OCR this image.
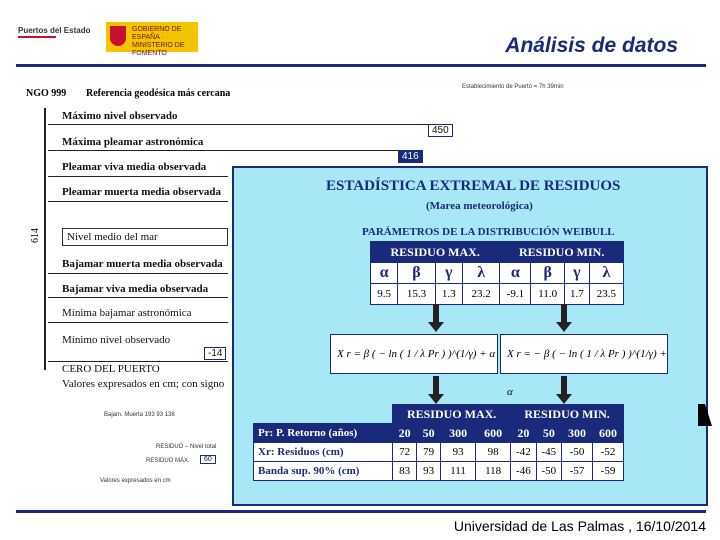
Puertos del Estado	GOBIERNO DE ESPAÑA · MINISTERIO DE FOMENTO	Análisis de datos
NGO 999 Referencia geodésica más cercana
614
Establecimiento de Puerto = 7h 39min
Máximo nivel observado
450
Máxima pleamar astronómica
416
Pleamar viva media observada
Pleamar muerta media observada
Nivel medio del mar
Bajamar muerta media observada
Bajamar viva media observada
Mínima bajamar astronómica
Mínimo nivel observado
-14
CERO DEL PUERTO
Valores expresados en cm; con signo
Bajam. Muerta 193 93 138
RESIDUO – Nivel total
RESIDUO MÁX.	60
Valores expresados en cm
ESTADÍSTICA EXTREMAL DE RESIDUOS
(Marea meteorológica)
PARÁMETROS DE LA DISTRIBUCIÓN WEIBULL
RESIDUO MAX.				RESIDUO MIN.			
α	β	γ	λ	α	β	γ	λ
9.5	15.3	1.3	23.2	-9.1	11.0	1.7	23.5
X r = β ( − ln ( 1 / λ Pr ) )^(1/γ) + α	X r = − β ( − ln ( 1 / λ Pr ) )^(1/γ) + α
	RESIDUO MAX.				RESIDUO MIN.			
Pr: P. Retorno (años)	20	50	300	600	20	50	300	600
Xr: Residuos (cm)	72	79	93	98	-42	-45	-50	-52
Banda sup. 90% (cm)	83	93	111	118	-46	-50	-57	-59
Universidad de Las Palmas , 16/10/2014
